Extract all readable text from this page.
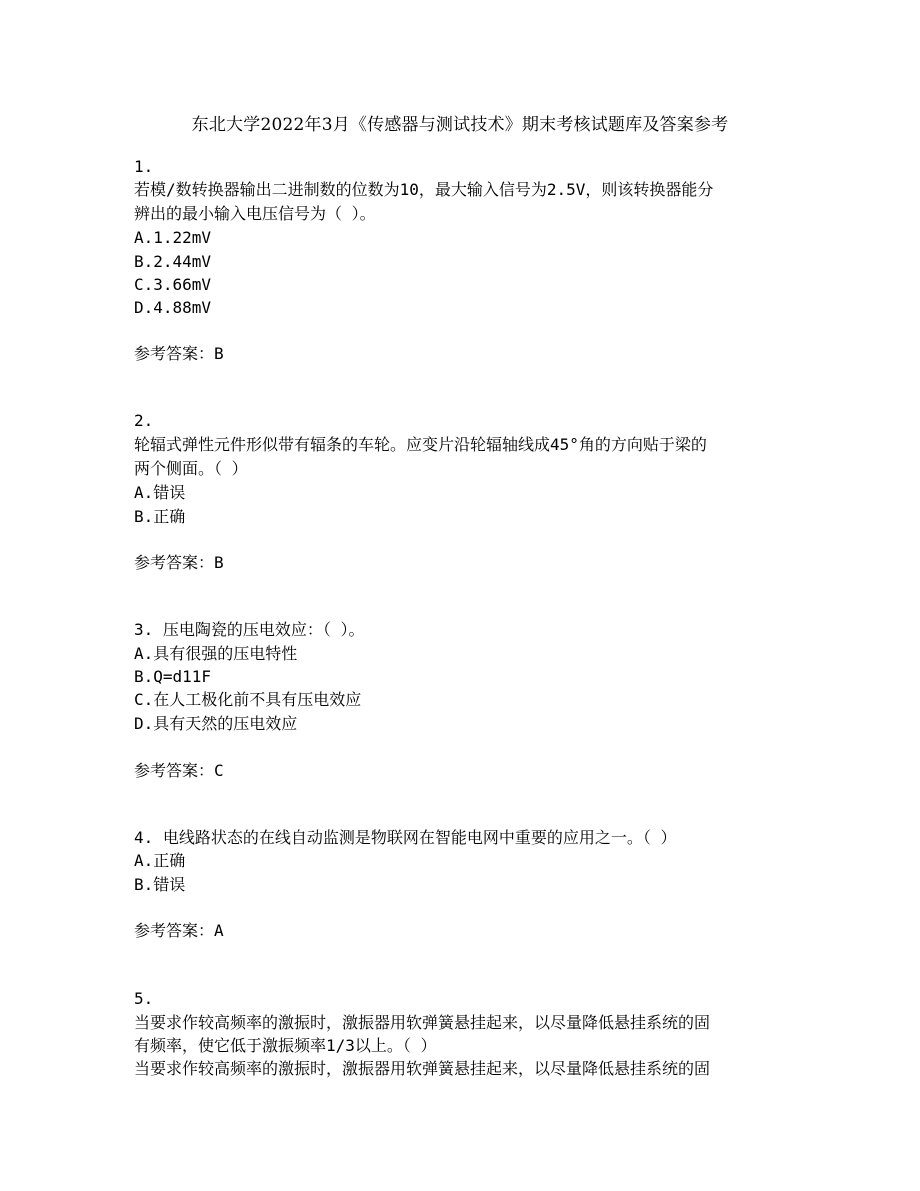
东北大学2022年3月《传感器与测试技术》期末考核试题库及答案参考
1.
若模/数转换器输出二进制数的位数为10，最大输入信号为2.5V，则该转换器能分
辨出的最小输入电压信号为（ ）。
A.1.22mV
B.2.44mV
C.3.66mV
D.4.88mV
参考答案：B
2.
轮辐式弹性元件形似带有辐条的车轮。应变片沿轮辐轴线成45°角的方向贴于梁的
两个侧面。（ ）
A.错误
B.正确
参考答案：B
3. 压电陶瓷的压电效应：（ ）。
A.具有很强的压电特性
B.Q=d11F
C.在人工极化前不具有压电效应
D.具有天然的压电效应
参考答案：C
4. 电线路状态的在线自动监测是物联网在智能电网中重要的应用之一。（ ）
A.正确
B.错误
参考答案：A
5.
当要求作较高频率的激振时，激振器用软弹簧悬挂起来，以尽量降低悬挂系统的固
有频率，使它低于激振频率1/3以上。（ ）
当要求作较高频率的激振时，激振器用软弹簧悬挂起来，以尽量降低悬挂系统的固
